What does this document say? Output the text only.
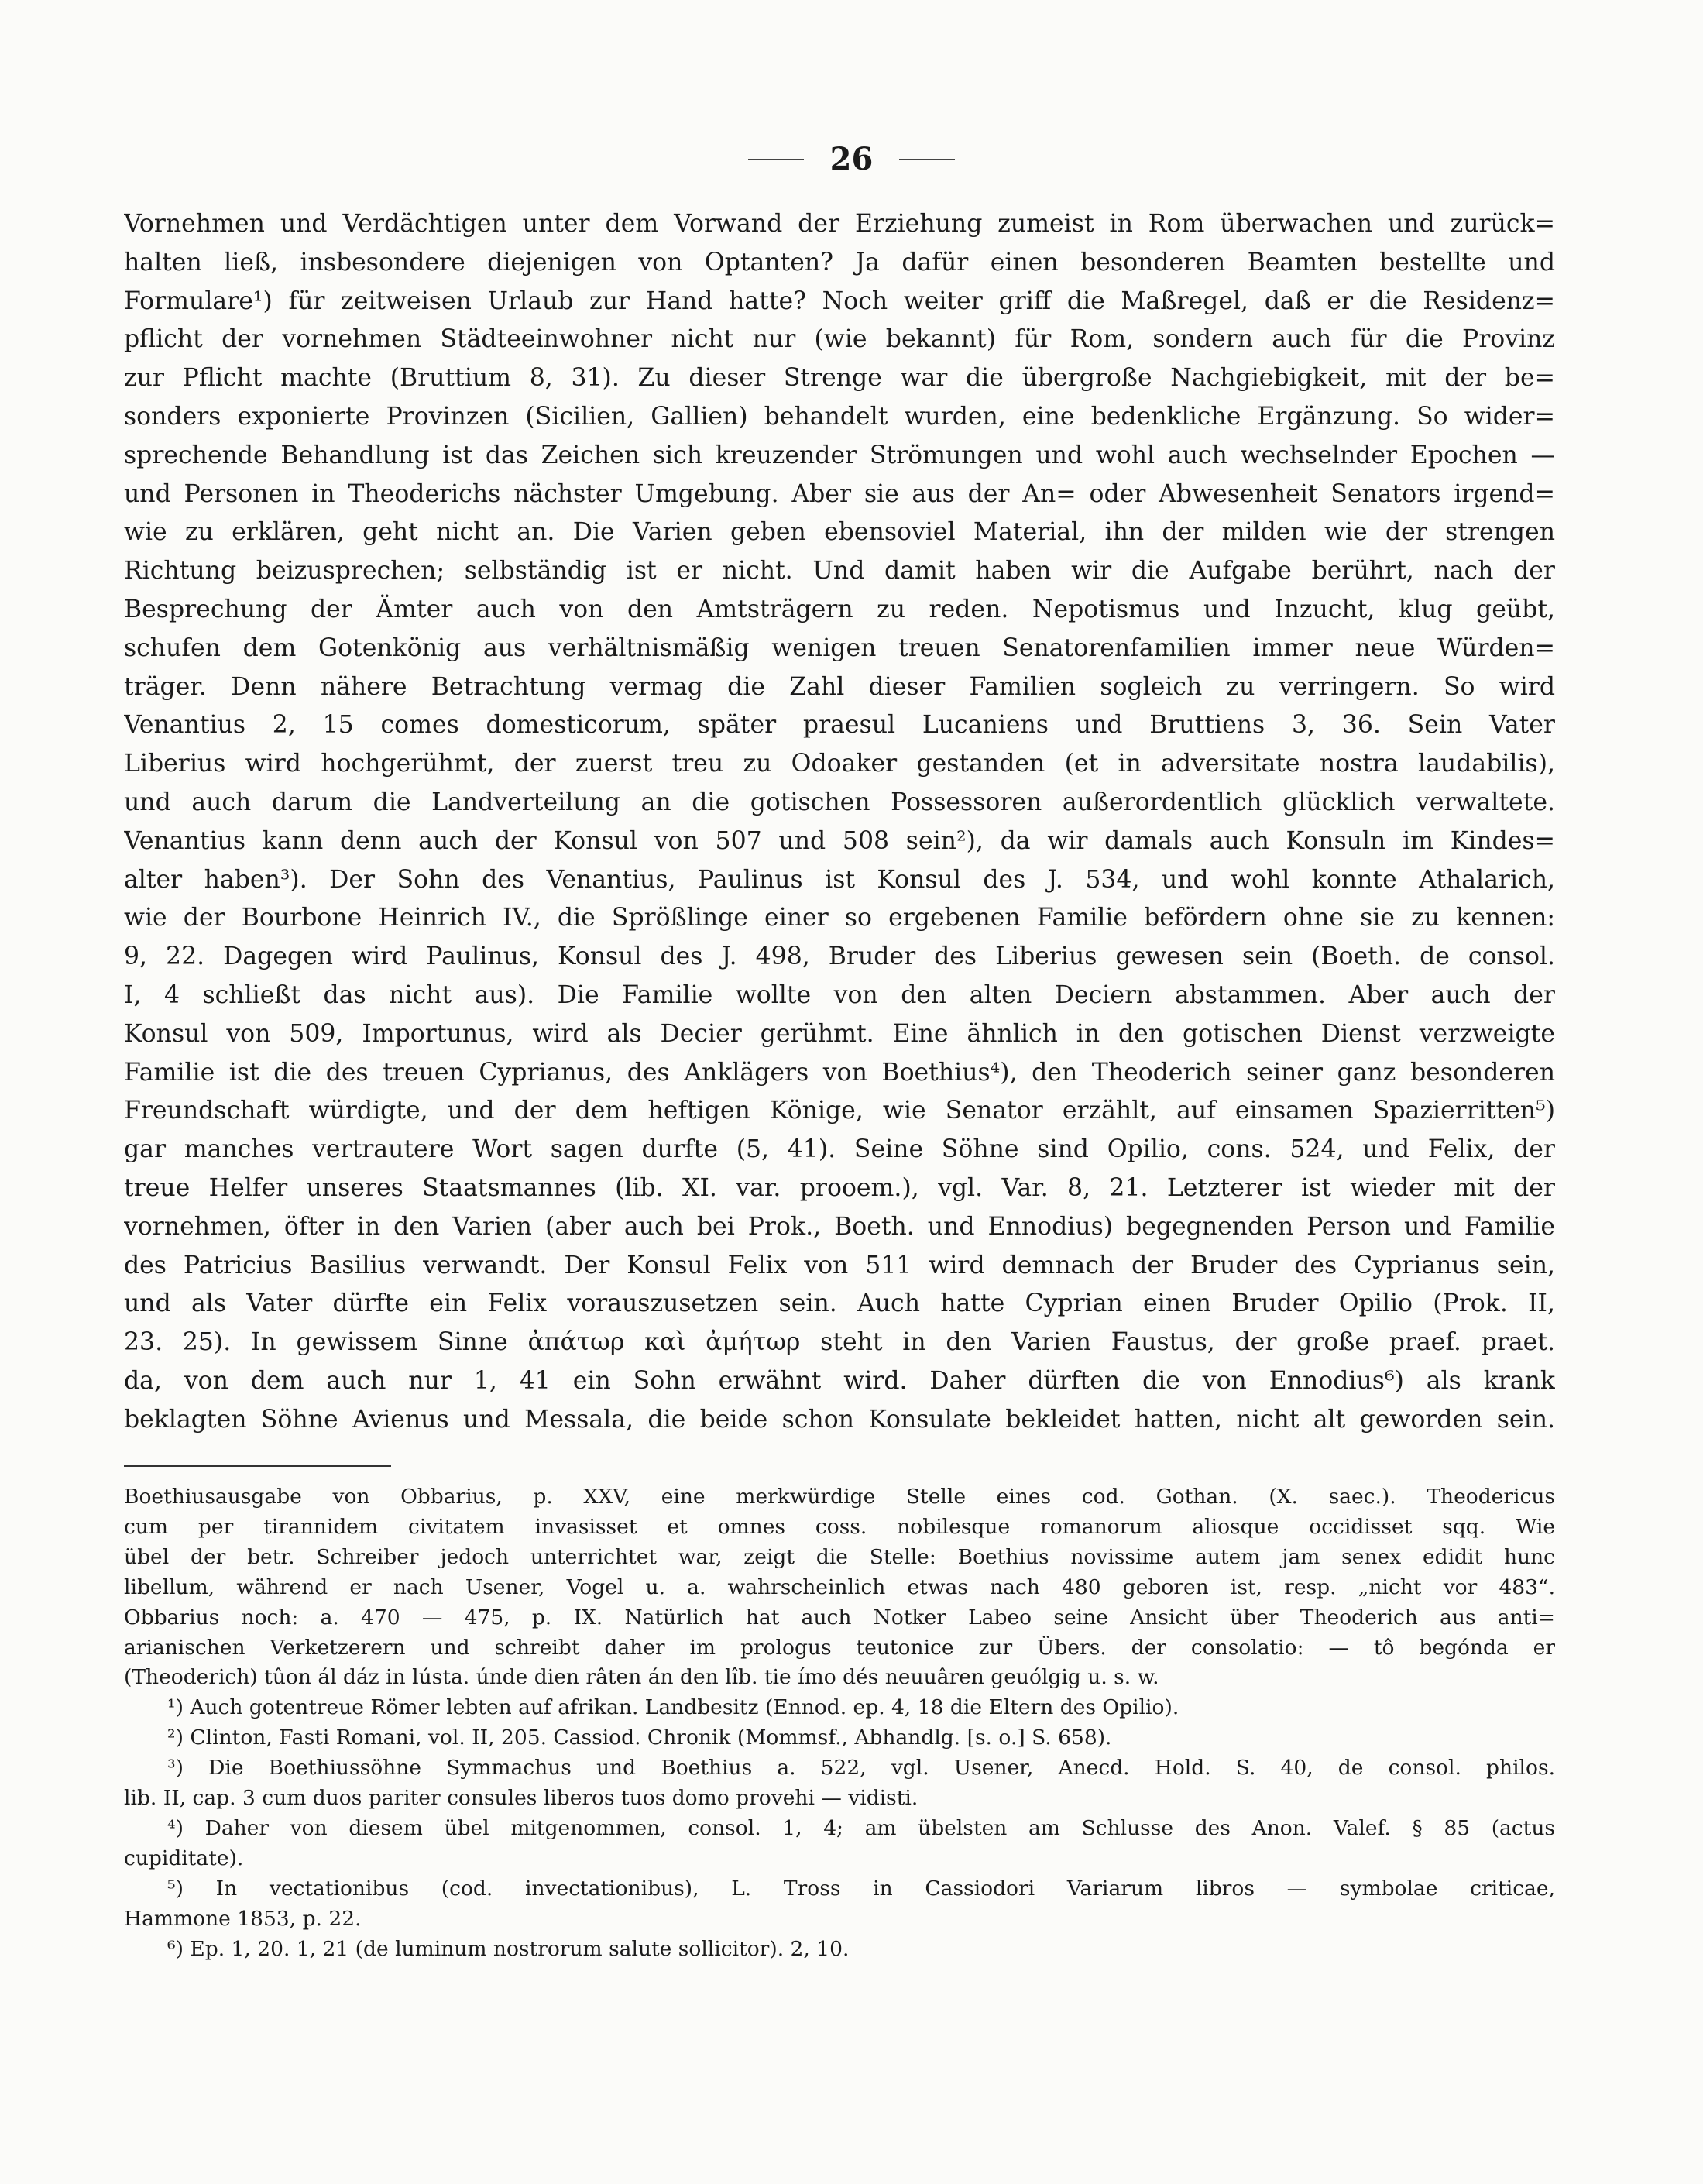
26
Vornehmen und Verdächtigen unter dem Vorwand der Erziehung zumeist in Rom überwachen und zurück=
halten ließ, insbesondere diejenigen von Optanten? Ja dafür einen besonderen Beamten bestellte und
Formulare¹) für zeitweisen Urlaub zur Hand hatte? Noch weiter griff die Maßregel, daß er die Residenz=
pflicht der vornehmen Städteeinwohner nicht nur (wie bekannt) für Rom, sondern auch für die Provinz
zur Pflicht machte (Bruttium 8, 31). Zu dieser Strenge war die übergroße Nachgiebigkeit, mit der be=
sonders exponierte Provinzen (Sicilien, Gallien) behandelt wurden, eine bedenkliche Ergänzung. So wider=
sprechende Behandlung ist das Zeichen sich kreuzender Strömungen und wohl auch wechselnder Epochen —
und Personen in Theoderichs nächster Umgebung. Aber sie aus der An= oder Abwesenheit Senators irgend=
wie zu erklären, geht nicht an. Die Varien geben ebensoviel Material, ihn der milden wie der strengen
Richtung beizusprechen; selbständig ist er nicht. Und damit haben wir die Aufgabe berührt, nach der
Besprechung der Ämter auch von den Amtsträgern zu reden. Nepotismus und Inzucht, klug geübt,
schufen dem Gotenkönig aus verhältnismäßig wenigen treuen Senatorenfamilien immer neue Würden=
träger. Denn nähere Betrachtung vermag die Zahl dieser Familien sogleich zu verringern. So wird
Venantius 2, 15 comes domesticorum, später praesul Lucaniens und Bruttiens 3, 36. Sein Vater
Liberius wird hochgerühmt, der zuerst treu zu Odoaker gestanden (et in adversitate nostra laudabilis),
und auch darum die Landverteilung an die gotischen Possessoren außerordentlich glücklich verwaltete.
Venantius kann denn auch der Konsul von 507 und 508 sein²), da wir damals auch Konsuln im Kindes=
alter haben³). Der Sohn des Venantius, Paulinus ist Konsul des J. 534, und wohl konnte Athalarich,
wie der Bourbone Heinrich IV., die Sprößlinge einer so ergebenen Familie befördern ohne sie zu kennen:
9, 22. Dagegen wird Paulinus, Konsul des J. 498, Bruder des Liberius gewesen sein (Boeth. de consol.
I, 4 schließt das nicht aus). Die Familie wollte von den alten Deciern abstammen. Aber auch der
Konsul von 509, Importunus, wird als Decier gerühmt. Eine ähnlich in den gotischen Dienst verzweigte
Familie ist die des treuen Cyprianus, des Anklägers von Boethius⁴), den Theoderich seiner ganz besonderen
Freundschaft würdigte, und der dem heftigen Könige, wie Senator erzählt, auf einsamen Spazierritten⁵)
gar manches vertrautere Wort sagen durfte (5, 41). Seine Söhne sind Opilio, cons. 524, und Felix, der
treue Helfer unseres Staatsmannes (lib. XI. var. prooem.), vgl. Var. 8, 21. Letzterer ist wieder mit der
vornehmen, öfter in den Varien (aber auch bei Prok., Boeth. und Ennodius) begegnenden Person und Familie
des Patricius Basilius verwandt. Der Konsul Felix von 511 wird demnach der Bruder des Cyprianus sein,
und als Vater dürfte ein Felix vorauszusetzen sein. Auch hatte Cyprian einen Bruder Opilio (Prok. II,
23. 25). In gewissem Sinne ἀπάτωρ καὶ ἀμήτωρ steht in den Varien Faustus, der große praef. praet.
da, von dem auch nur 1, 41 ein Sohn erwähnt wird. Daher dürften die von Ennodius⁶) als krank
beklagten Söhne Avienus und Messala, die beide schon Konsulate bekleidet hatten, nicht alt geworden sein.
Boethiusausgabe von Obbarius, p. XXV, eine merkwürdige Stelle eines cod. Gothan. (X. saec.). Theodericus
cum per tirannidem civitatem invasisset et omnes coss. nobilesque romanorum aliosque occidisset sqq. Wie
übel der betr. Schreiber jedoch unterrichtet war, zeigt die Stelle: Boethius novissime autem jam senex edidit hunc
libellum, während er nach Usener, Vogel u. a. wahrscheinlich etwas nach 480 geboren ist, resp. „nicht vor 483“.
Obbarius noch: a. 470 — 475, p. IX. Natürlich hat auch Notker Labeo seine Ansicht über Theoderich aus anti=
arianischen Verketzerern und schreibt daher im prologus teutonice zur Übers. der consolatio: — tô begónda er
(Theoderich) tûon ál dáz in lústa. únde dien râten án den lîb. tie ímo dés neuuâren geuólgig u. s. w.
¹) Auch gotentreue Römer lebten auf afrikan. Landbesitz (Ennod. ep. 4, 18 die Eltern des Opilio).
²) Clinton, Fasti Romani, vol. II, 205. Cassiod. Chronik (Mommsf., Abhandlg. [s. o.] S. 658).
³) Die Boethiussöhne Symmachus und Boethius a. 522, vgl. Usener, Anecd. Hold. S. 40, de consol. philos.
lib. II, cap. 3 cum duos pariter consules liberos tuos domo provehi — vidisti.
⁴) Daher von diesem übel mitgenommen, consol. 1, 4; am übelsten am Schlusse des Anon. Valef. § 85 (actus
cupiditate).
⁵) In vectationibus (cod. invectationibus), L. Tross in Cassiodori Variarum libros — symbolae criticae,
Hammone 1853, p. 22.
⁶) Ep. 1, 20. 1, 21 (de luminum nostrorum salute sollicitor). 2, 10.
